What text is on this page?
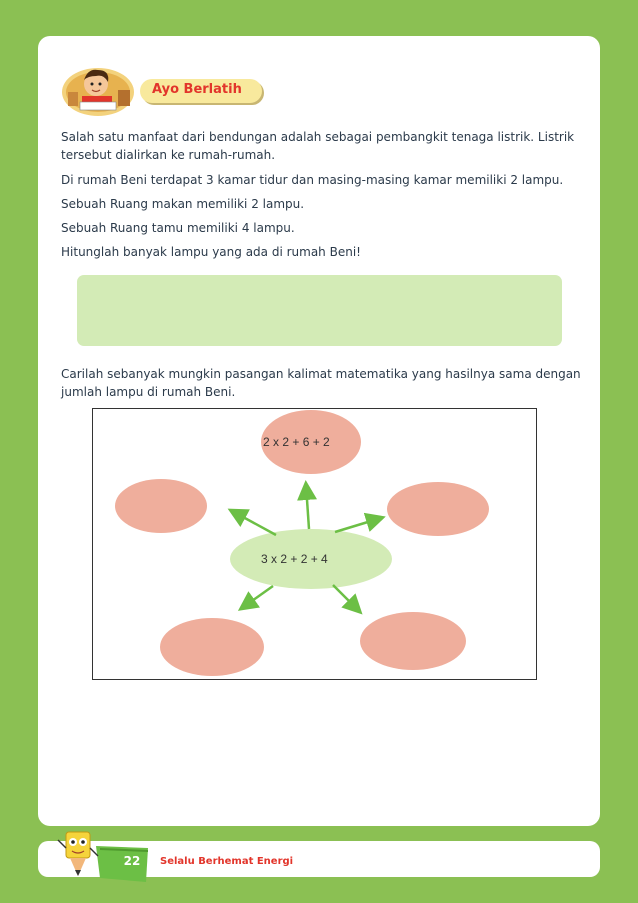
Ayo Berlatih

Salah satu manfaat dari bendungan adalah sebagai pembangkit tenaga listrik. Listrik tersebut dialirkan ke rumah-rumah.

Di rumah Beni terdapat 3 kamar tidur dan masing-masing kamar memiliki 2 lampu.

Sebuah Ruang makan memiliki 2 lampu.

Sebuah Ruang tamu memiliki 4 lampu.

Hitunglah banyak lampu yang ada di rumah Beni!

Carilah sebanyak mungkin pasangan kalimat matematika yang hasilnya sama dengan jumlah lampu di rumah Beni.

2 x 2 + 6 + 2
3 x 2 + 2 + 4
22	Selalu Berhemat Energi
